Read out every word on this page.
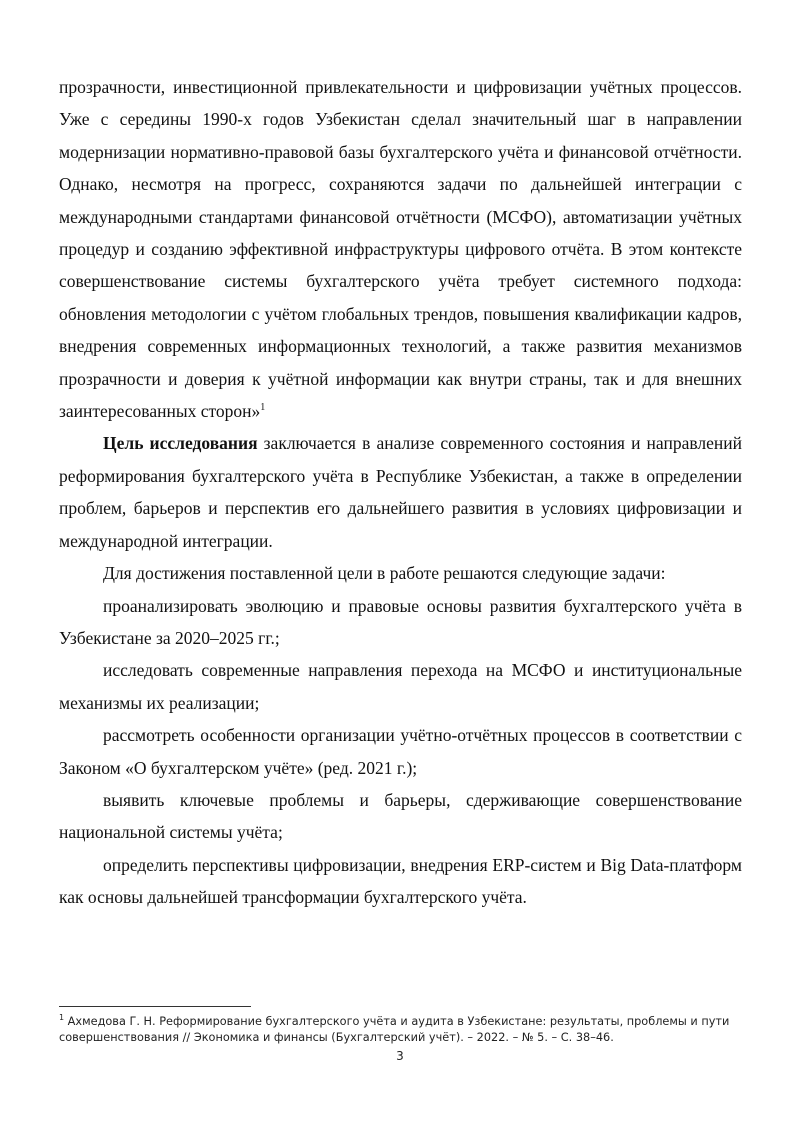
прозрачности, инвестиционной привлекательности и цифровизации учётных процессов. Уже с середины 1990-х годов Узбекистан сделал значительный шаг в направлении модернизации нормативно-правовой базы бухгалтерского учёта и финансовой отчётности. Однако, несмотря на прогресс, сохраняются задачи по дальнейшей интеграции с международными стандартами финансовой отчётности (МСФО), автоматизации учётных процедур и созданию эффективной инфраструктуры цифрового отчёта. В этом контексте совершенствование системы бухгалтерского учёта требует системного подхода: обновления методологии с учётом глобальных трендов, повышения квалификации кадров, внедрения современных информационных технологий, а также развития механизмов прозрачности и доверия к учётной информации как внутри страны, так и для внешних заинтересованных сторон»$^1$

Цель исследования заключается в анализе современного состояния и направлений реформирования бухгалтерского учёта в Республике Узбекистан, а также в определении проблем, барьеров и перспектив его дальнейшего развития в условиях цифровизации и международной интеграции.

Для достижения поставленной цели в работе решаются следующие задачи:

проанализировать эволюцию и правовые основы развития бухгалтерского учёта в Узбекистане за 2020–2025 гг.;

исследовать современные направления перехода на МСФО и институциональные механизмы их реализации;

рассмотреть особенности организации учётно-отчётных процессов в соответствии с Законом «О бухгалтерском учёте» (ред. 2021 г.);

выявить ключевые проблемы и барьеры, сдерживающие совершенствование национальной системы учёта;

определить перспективы цифровизации, внедрения ERP-систем и Big Data-платформ как основы дальнейшей трансформации бухгалтерского учёта.

$^1$ Ахмедова Г. Н. Реформирование бухгалтерского учёта и аудита в Узбекистане: результаты, проблемы и пути совершенствования // Экономика и финансы (Бухгалтерский учёт). – 2022. – № 5. – С. 38–46.
3
